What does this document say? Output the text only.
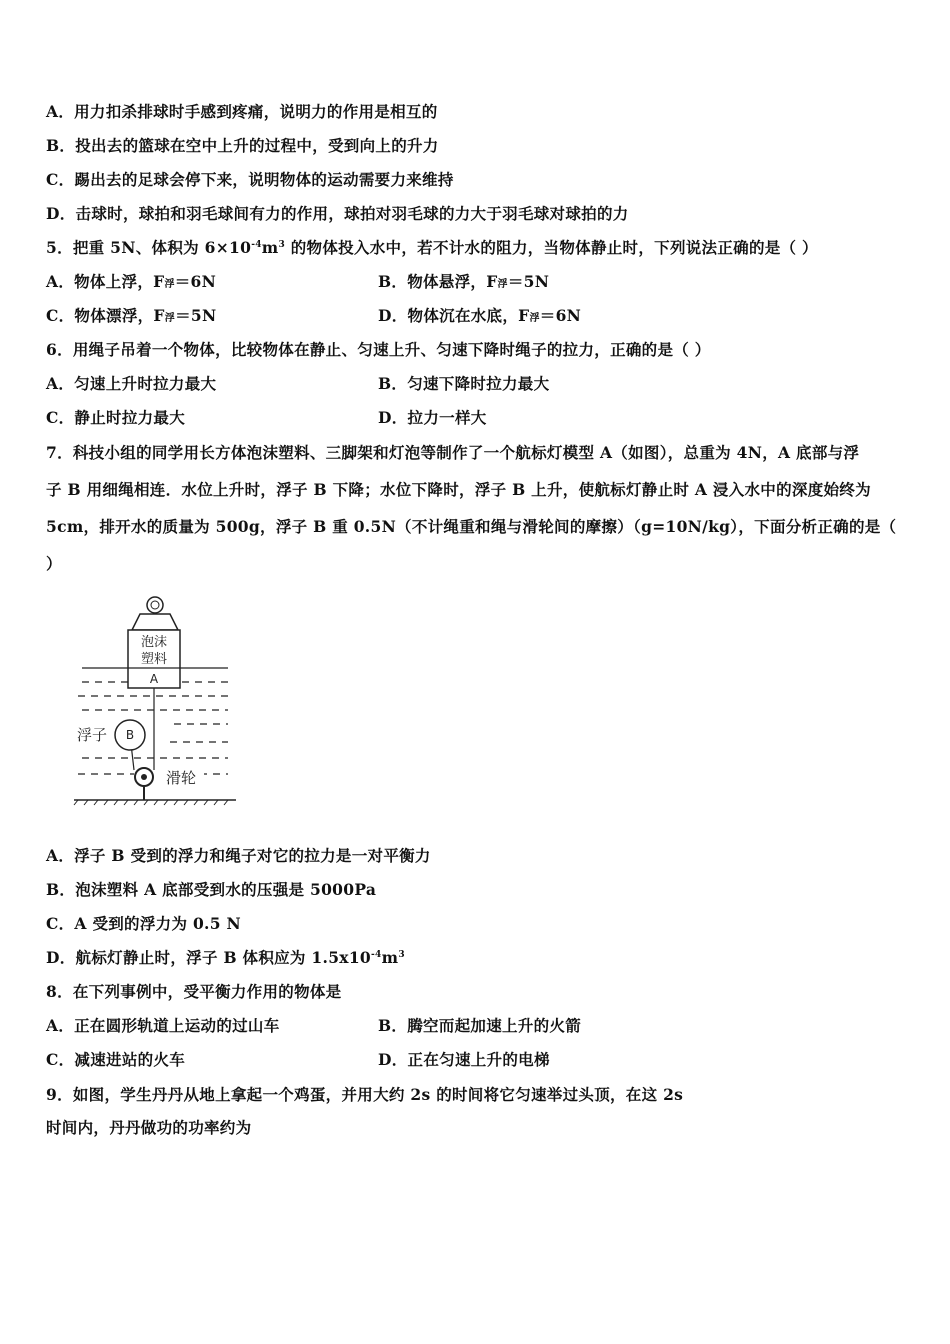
A．用力扣杀排球时手感到疼痛，说明力的作用是相互的
B．投出去的篮球在空中上升的过程中，受到向上的升力
C．踢出去的足球会停下来，说明物体的运动需要力来维持
D．击球时，球拍和羽毛球间有力的作用，球拍对羽毛球的力大于羽毛球对球拍的力
5．把重 5N、体积为 $6\times 10^{-4}m^3$ 的物体投入水中，若不计水的阻力，当物体静止时，下列说法正确的是（ ）
A．物体上浮，F浮＝6N	B．物体悬浮，F浮＝5N
C．物体漂浮，F浮＝5N	D．物体沉在水底，F浮＝6N
6．用绳子吊着一个物体，比较物体在静止、匀速上升、匀速下降时绳子的拉力，正确的是（ ）
A．匀速上升时拉力最大	B．匀速下降时拉力最大
C．静止时拉力最大	D．拉力一样大
7．科技小组的同学用长方体泡沫塑料、三脚架和灯泡等制作了一个航标灯模型 A（如图），总重为 4N，A 底部与浮
子 B 用细绳相连．水位上升时，浮子 B 下降；水位下降时，浮子 B 上升，使航标灯静止时 A 浸入水中的深度始终为
5cm，排开水的质量为 500g，浮子 B 重 0.5N（不计绳重和绳与滑轮间的摩擦）（g=10N/kg），下面分析正确的是（
）
泡沫
塑料
A
B
浮子
滑轮
A．浮子 B 受到的浮力和绳子对它的拉力是一对平衡力
B．泡沫塑料 A 底部受到水的压强是 5000Pa
C．A 受到的浮力为 0.5 N
D．航标灯静止时，浮子 B 体积应为 $1.5x10^{-4}m^3$
8．在下列事例中，受平衡力作用的物体是
A．正在圆形轨道上运动的过山车	B．腾空而起加速上升的火箭
C．减速进站的火车	D．正在匀速上升的电梯
9．如图，学生丹丹从地上拿起一个鸡蛋，并用大约 2s 的时间将它匀速举过头顶，在这 2s
时间内，丹丹做功的功率约为
